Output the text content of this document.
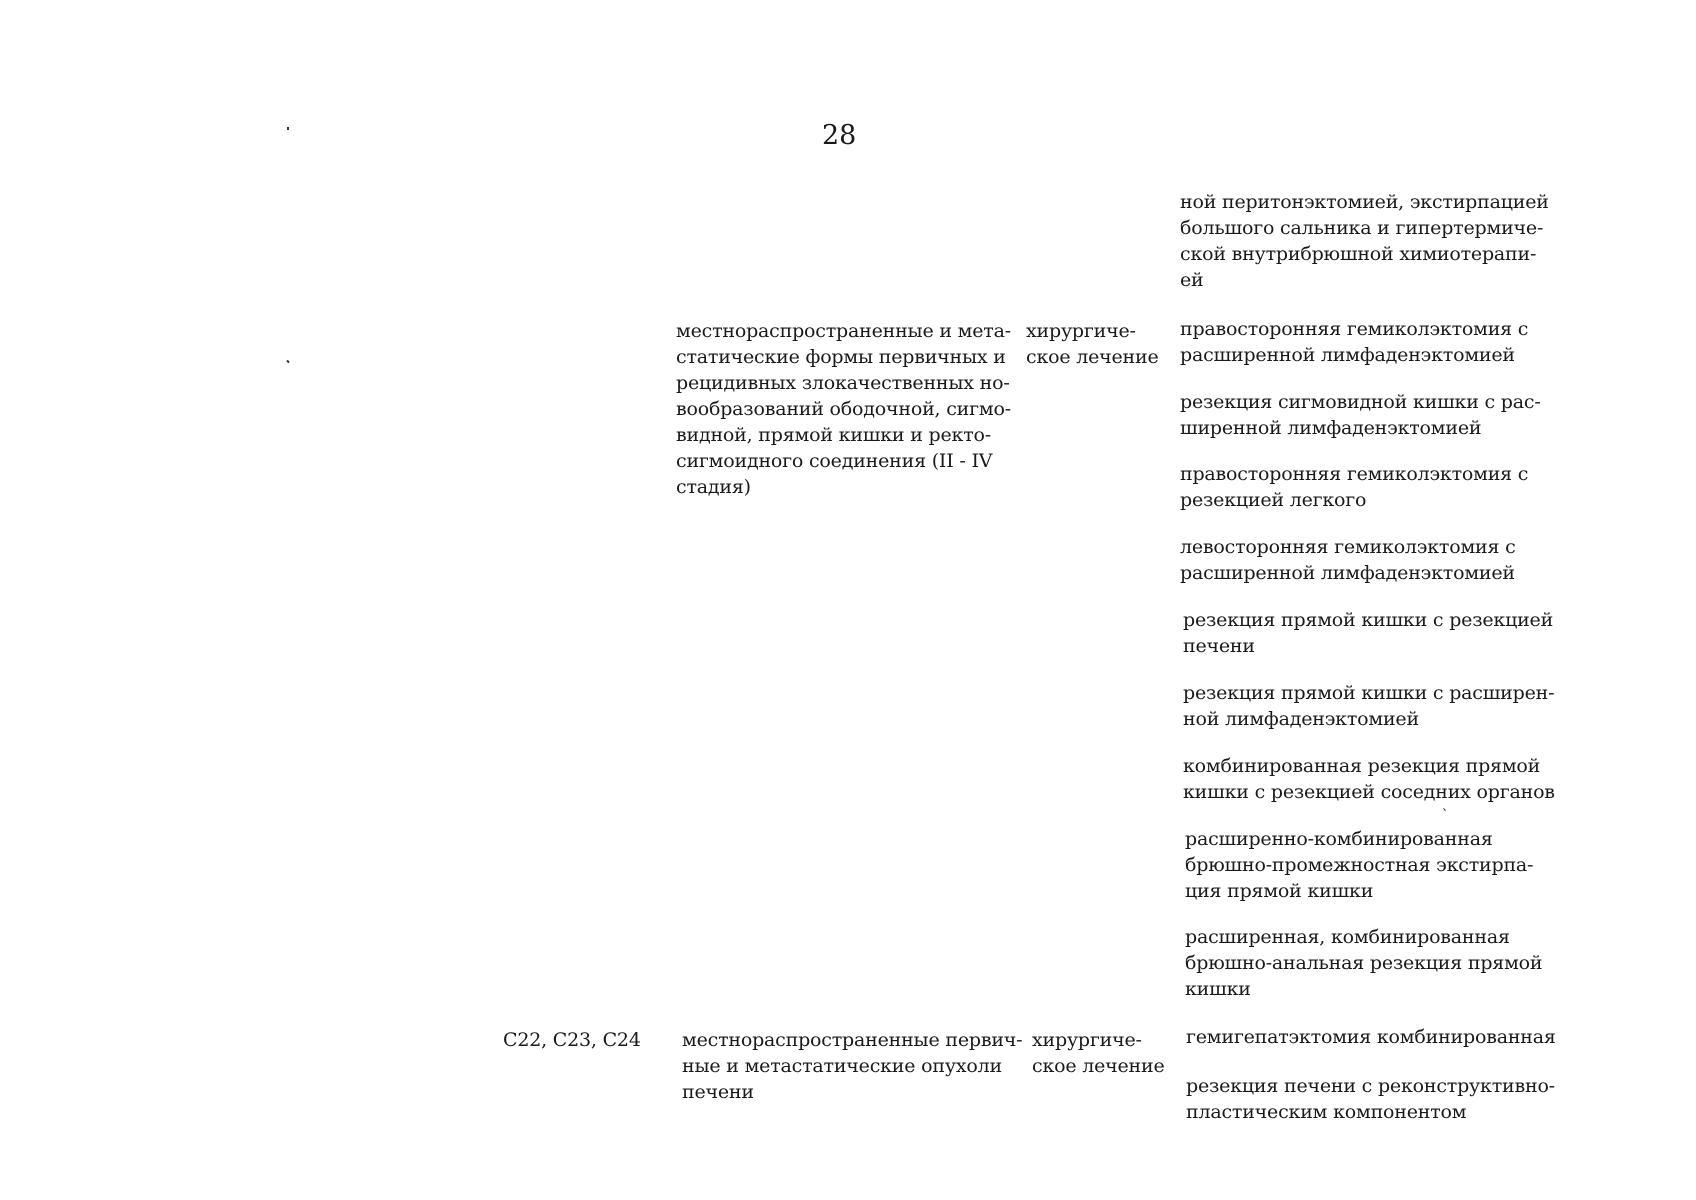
28
ной перитонэктомией, экстирпацией
большого сальника и гипертермиче-
ской внутрибрюшной химиотерапи-
ей
местнораспространенные и мета-
статические формы первичных и
рецидивных злокачественных но-
вообразований ободочной, сигмо-
видной, прямой кишки и ректо-
сигмоидного соединения (II - IV
стадия)
хирургиче-
ское лечение
правосторонняя гемиколэктомия с
расширенной лимфаденэктомией
резекция сигмовидной кишки с рас-
ширенной лимфаденэктомией
правосторонняя гемиколэктомия с
резекцией легкого
левосторонняя гемиколэктомия с
расширенной лимфаденэктомией
резекция прямой кишки с резекцией
печени
резекция прямой кишки с расширен-
ной лимфаденэктомией
комбинированная резекция прямой
кишки с резекцией соседних органов
расширенно-комбинированная
брюшно-промежностная экстирпа-
ция прямой кишки
расширенная, комбинированная
брюшно-анальная резекция прямой
кишки
C22, C23, C24	местнораспространенные первич-
ные и метастатические опухоли
печени
хирургиче-
ское лечение
гемигепатэктомия комбинированная
резекция печени с реконструктивно-
пластическим компонентом
